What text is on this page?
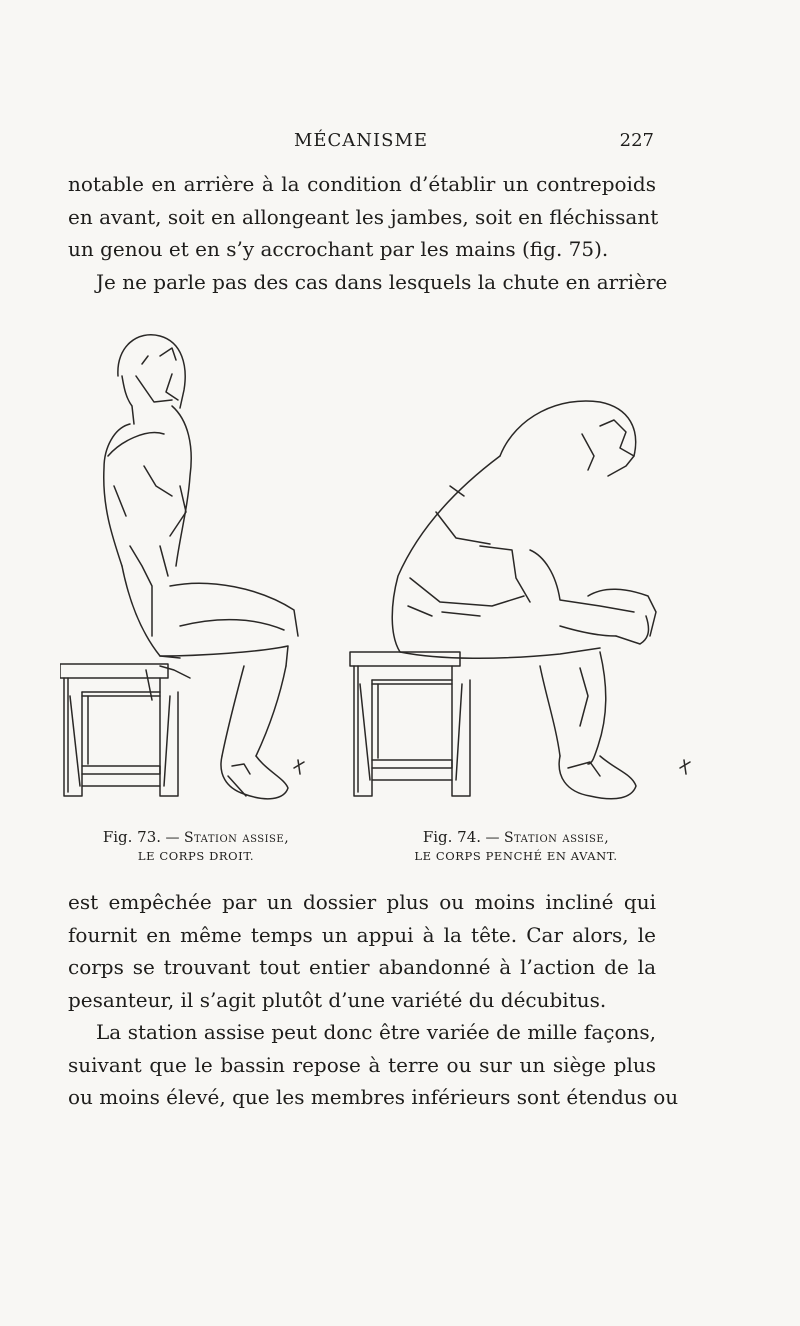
MÉCANISME	227
notable en arrière à la condition d’établir un contrepoids
en avant, soit en allongeant les jambes, soit en fléchissant
un genou et en s’y accrochant par les mains (fig. 75).
Je ne parle pas des cas dans lesquels la chute en arrière
Fig. 73. — Station assise,
LE CORPS DROIT.
Fig. 74. — Station assise,
LE CORPS PENCHÉ EN AVANT.
est empêchée par un dossier plus ou moins incliné qui
fournit en même temps un appui à la tête. Car alors, le
corps se trouvant tout entier abandonné à l’action de la
pesanteur, il s’agit plutôt d’une variété du décubitus.
La station assise peut donc être variée de mille façons,
suivant que le bassin repose à terre ou sur un siège plus
ou moins élevé, que les membres inférieurs sont étendus ou
